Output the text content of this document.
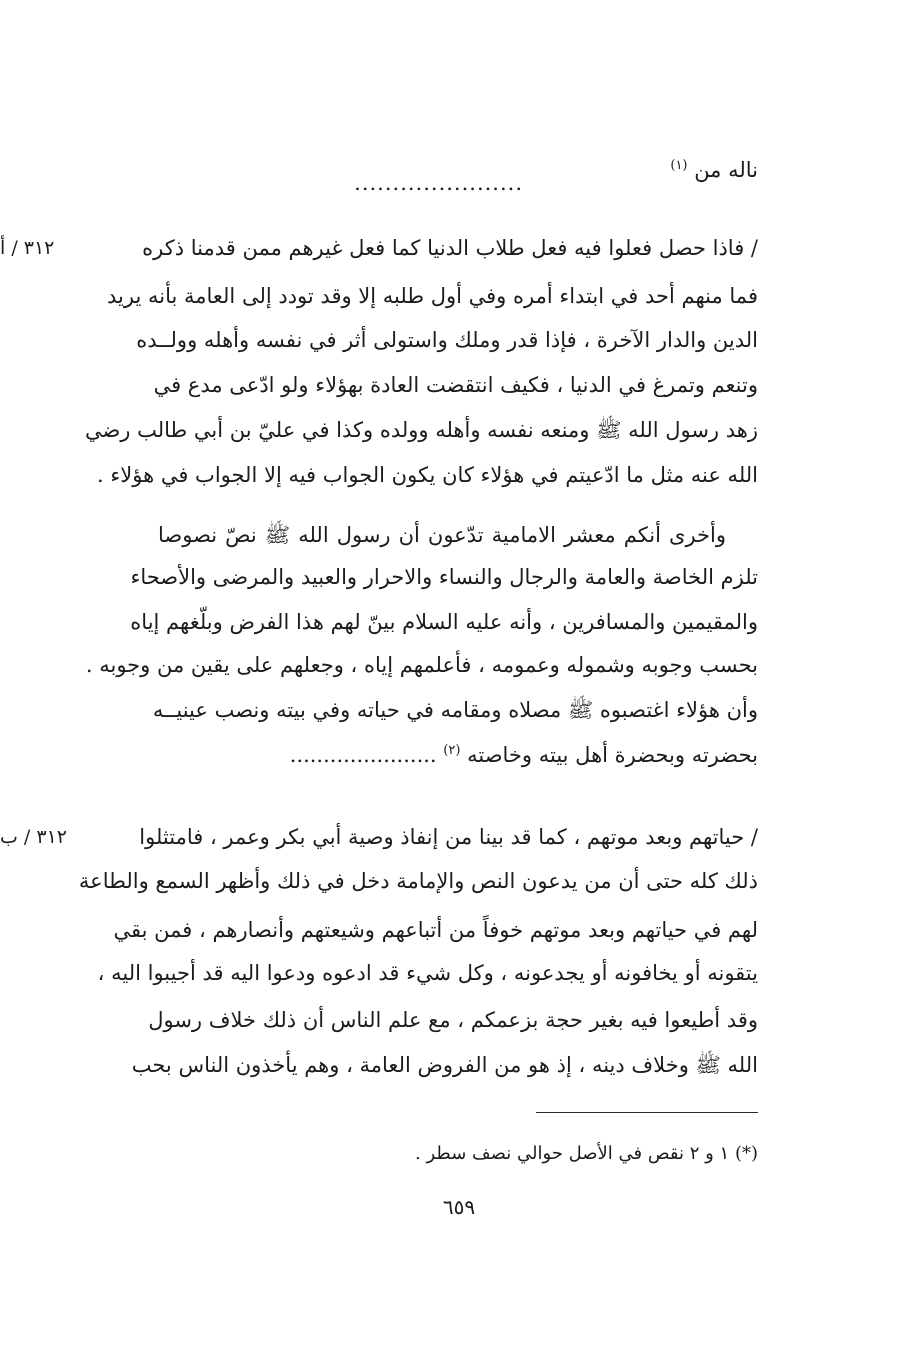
ناله من $^{(١)}$
......................
٣١٢ / أ	/ فاذا حصل فعلوا فيه فعل طلاب الدنيا كما فعل غيرهم ممن قدمنا ذكره
فما منهم أحد في ابتداء أمره وفي أول طلبه إلا وقد تودد إلى العامة بأنه يريد
الدين والدار الآخرة ، فإذا قدر وملك واستولى أثر في نفسه وأهله وولــده
وتنعم وتمرغ في الدنيا ، فكيف انتقضت العادة بهؤلاء ولو ادّعى مدع في
زهد رسول الله ﷺ ومنعه نفسه وأهله وولده وكذا في عليّ بن أبي طالب رضي
الله عنه مثل ما ادّعيتم في هؤلاء كان يكون الجواب فيه إلا الجواب في هؤلاء .
وأخرى أنكم معشر الامامية تدّعون أن رسول الله ﷺ نصّ نصوصا
تلزم الخاصة والعامة والرجال والنساء والاحرار والعبيد والمرضى والأصحاء
والمقيمين والمسافرين ، وأنه عليه السلام بينّ لهم هذا الفرض وبلّغهم إياه
بحسب وجوبه وشموله وعمومه ، فأعلمهم إياه ، وجعلهم على يقين من وجوبه .
وأن هؤلاء اغتصبوه ﷺ مصلاه ومقامه في حياته وفي بيته ونصب عينيــه
بحضرته وبحضرة أهل بيته وخاصته $^{(٢)}$ ......................
٣١٢ / ب	/ حياتهم وبعد موتهم ، كما قد بينا من إنفاذ وصية أبي بكر وعمر ، فامتثلوا
ذلك كله حتى أن من يدعون النص والإمامة دخل في ذلك وأظهر السمع والطاعة
لهم في حياتهم وبعد موتهم خوفاً من أتباعهم وشيعتهم وأنصارهم ، فمن بقي
يتقونه أو يخافونه أو يجدعونه ، وكل شيء قد ادعوه ودعوا اليه قد أجيبوا اليه ،
وقد أطيعوا فيه بغير حجة بزعمكم ، مع علم الناس أن ذلك خلاف رسول
الله ﷺ وخلاف دينه ، إذ هو من الفروض العامة ، وهم يأخذون الناس بحب
(*) ١ و ٢ نقص في الأصل حوالي نصف سطر .
٦٥٩
